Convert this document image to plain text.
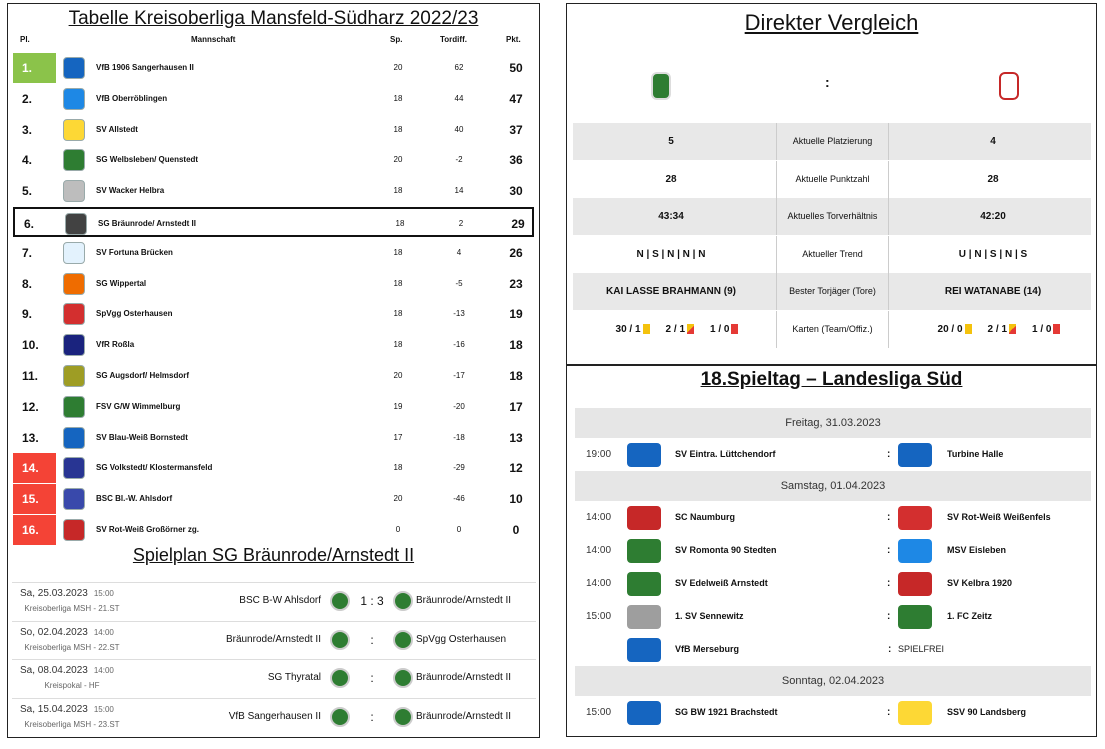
Tabelle Kreisoberliga Mansfeld-Südharz 2022/23
Pl.	Mannschaft	Sp.	Tordiff.	Pkt.
1.	VfB 1906 Sangerhausen II	20	62	50
2.	VfB Oberröblingen	18	44	47
3.	SV Allstedt	18	40	37
4.	SG Welbsleben/ Quenstedt	20	-2	36
5.	SV Wacker Helbra	18	14	30
6.	SG Bräunrode/ Arnstedt II	18	2	29
7.	SV Fortuna Brücken	18	4	26
8.	SG Wippertal	18	-5	23
9.	SpVgg Osterhausen	18	-13	19
10.	VfR Roßla	18	-16	18
11.	SG Augsdorf/ Helmsdorf	20	-17	18
12.	FSV G/W Wimmelburg	19	-20	17
13.	SV Blau-Weiß Bornstedt	17	-18	13
14.	SG Volkstedt/ Klostermansfeld	18	-29	12
15.	BSC Bl.-W. Ahlsdorf	20	-46	10
16.	SV Rot-Weiß Großörner zg.	0	0	0
Spielplan SG Bräunrode/Arnstedt II
Sa, 25.03.2023 15:00
Kreisoberliga MSH - 21.ST
BSC B-W Ahlsdorf	1 : 3	Bräunrode/Arnstedt II
So, 02.04.2023 14:00
Kreisoberliga MSH - 22.ST
Bräunrode/Arnstedt II	:	SpVgg Osterhausen
Sa, 08.04.2023 14:00
Kreispokal - HF
SG Thyratal	:	Bräunrode/Arnstedt II
Sa, 15.04.2023 15:00
Kreisoberliga MSH - 23.ST
VfB Sangerhausen II	:	Bräunrode/Arnstedt II
Direkter Vergleich
:
5	Aktuelle Platzierung	4
28	Aktuelle Punktzahl	28
43:34	Aktuelles Torverhältnis	42:20
N | S | N | N | N	Aktueller Trend	U | N | S | N | S
KAI LASSE BRAHMANN (9)	Bester Torjäger (Tore)	REI WATANABE (14)
30 / 1	2 / 1	1 / 0	Karten (Team/Offiz.)	20 / 0	2 / 1	1 / 0
18.Spieltag – Landesliga Süd
Freitag, 31.03.2023
19:00	SV Eintra. Lüttchendorf	:	Turbine Halle
Samstag, 01.04.2023
14:00	SC Naumburg	:	SV Rot-Weiß Weißenfels
14:00	SV Romonta 90 Stedten	:	MSV Eisleben
14:00	SV Edelweiß Arnstedt	:	SV Kelbra 1920
15:00	1. SV Sennewitz	:	1. FC Zeitz
VfB Merseburg	: SPIELFREI
Sonntag, 02.04.2023
15:00	SG BW 1921 Brachstedt	:	SSV 90 Landsberg
